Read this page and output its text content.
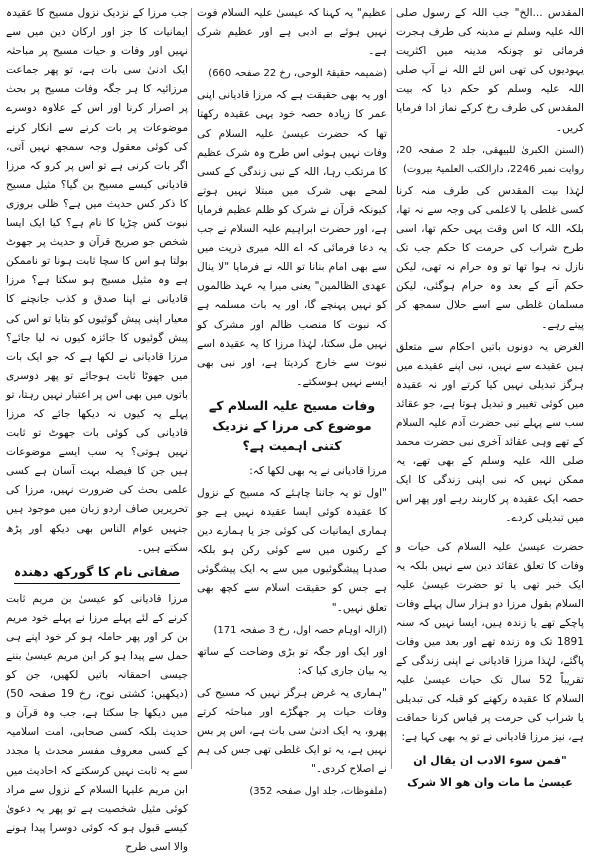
المقدس ...الخ" جب اللہ کے رسول صلی اللہ علیہ وسلم نے مدینہ کی طرف ہجرت فرمائی تو چونکہ مدینہ میں اکثریت یہودیوں کی تھی اس لئے اللہ نے آپ صلی اللہ علیہ وسلم کو حکم دیا کہ بیت المقدس کی طرف رخ کرکے نماز ادا فرمایا کریں۔

(السنن الکبریٰ للبیھقی، جلد 2 صفحہ 20، روایت نمبر 2246، دارالکتب العلمیۃ بیروت)

لہٰذا بیت المقدس کی طرف منہ کرنا کسی غلطی یا لاعلمی کی وجہ سے نہ تھا، بلکہ اللہ کا اس وقت یہی حکم تھا، اسی طرح شراب کی حرمت کا حکم جب تک نازل نہ ہوا تھا تو وہ حرام نہ تھی، لیکن حکم آنے کے بعد وہ حرام ہوگئی، لیکن مسلمان غلطی سے اسے حلال سمجھ کر پیتے رہے۔

الغرض یہ دونوں باتیں احکام سے متعلق ہیں عقیدے سے نہیں، نبی اپنے عقیدے میں ہرگز تبدیلی نہیں کیا کرتے اور نہ عقیدہ میں کوئی تغییر و تبدیل ہوتا ہے، جو عقائد سب سے پہلے نبی حضرت آدم علیہ السلام کے تھے وہی عقائد آخری نبی حضرت محمد صلی اللہ علیہ وسلم کے بھی تھے، یہ ممکن نہیں کہ نبی اپنی زندگی کا ایک حصہ ایک عقیدہ پر کاربند رہے اور پھر اس میں تبدیلی کردے۔

حضرت عیسیٰ علیہ السلام کی حیات و وفات کا تعلق عقائد دین سے نہیں بلکہ یہ ایک خبر تھی یا تو حضرت عیسیٰ علیہ السلام بقول مرزا دو ہزار سال پہلے وفات پاچکے تھے یا زندہ ہیں، ایسا نہیں کہ سنہ 1891 تک وہ زندہ تھے اور بعد میں وفات پاگئے، لہٰذا مرزا قادیانی نے اپنی زندگی کے تقریباً 52 سال تک حیات عیسیٰ علیہ السلام کا عقیدہ رکھنے کو قبلہ کی تبدیلی یا شراب کی حرمت پر قیاس کرنا حماقت ہے، نیز مرزا قادیانی نے تو یہ بھی کہا ہے:

"فمن سوء الادب ان یقال ان

عیسیٰ ما مات وان ھو الا شرک

عظیم" یہ کہنا کہ عیسیٰ علیہ السلام فوت نہیں ہوئے بے ادبی ہے اور عظیم شرک ہے۔

(ضمیمہ حقیقۃ الوحی، رخ 22 صفحہ 660)

اور یہ بھی حقیقت ہے کہ مرزا قادیانی اپنی عمر کا زیادہ حصہ خود یہی عقیدہ رکھتا تھا کہ حضرت عیسیٰ علیہ السلام کی وفات نہیں ہوئی اس طرح وہ شرک عظیم کا مرتکب رہا، اللہ کے نبی زندگی کے کسی لمحے بھی شرک میں مبتلا نہیں ہوتے کیونکہ قرآن نے شرک کو ظلم عظیم فرمایا ہے، اور حضرت ابراہیم علیہ السلام نے جب یہ دعا فرمائی کہ اے اللہ میری ذریت میں سے بھی امام بنانا تو اللہ نے فرمایا "لا ینال عھدی الظالمین" یعنی میرا یہ عہد ظالموں کو نہیں پہنچے گا، اور یہ بات مسلمہ ہے کہ نبوت کا منصب ظالم اور مشرک کو نہیں مل سکتا، لہٰذا مرزا کا یہ عقیدہ اسے نبوت سے خارج کردیتا ہے، اور نبی بھی ایسے نہیں ہوسکتے۔

وفات مسیح علیہ السلام کے موضوع کی مرزا کے نزدیک کتنی اہمیت ہے؟

مرزا قادیانی نے یہ بھی لکھا کہ:

"اول تو یہ جاننا چاہئے کہ مسیح کے نزول کا عقیدہ کوئی ایسا عقیدہ نہیں ہے جو ہماری ایمانیات کی کوئی جز یا ہمارے دین کے رکنوں میں سے کوئی رکن ہو بلکہ صدہا پیشگوئیوں میں سے یہ ایک پیشگوئی ہے جس کو حقیقت اسلام سے کچھ بھی تعلق نہیں۔"

(ازالہ اوہام حصہ اول، رخ 3 صفحہ 171)

اور ایک اور جگہ تو بڑی وضاحت کے ساتھ یہ بیان جاری کیا کہ:

"ہماری یہ غرض ہرگز نہیں کہ مسیح کی وفات حیات پر جھگڑے اور مباحثہ کرتے پھرو، یہ ایک ادنیٰ سی بات ہے، اس پر بس نہیں ہے، یہ تو ایک غلطی تھی جس کی ہم نے اصلاح کردی۔"

(ملفوظات، جلد اول صفحہ 352)

جب مرزا کے نزدیک نزول مسیح کا عقیدہ ایمانیات کا جز اور ارکان دین میں سے نہیں اور وفات و حیات مسیح پر مباحثہ ایک ادنیٰ سی بات ہے، تو پھر جماعت مرزائیہ کا ہر جگہ وفات مسیح پر بحث پر اصرار کرنا اور اس کے علاوہ دوسرے موضوعات پر بات کرنے سے انکار کرنے کی کوئی معقول وجہ سمجھ نہیں آتی، اگر بات کرنی ہے تو اس پر کرو کہ مرزا قادیانی کیسے مسیح بن گیا؟ مثیل مسیح کا ذکر کس حدیث میں ہے؟ ظلی بروزی نبوت کس چڑیا کا نام ہے؟ کیا ایک ایسا شخص جو صریح قرآن و حدیث پر جھوٹ بولتا ہو اس کا سچا ثابت ہونا تو ناممکن ہے وہ مثیل مسیح ہو سکتا ہے؟ مرزا قادیانی نے اپنا صدق و کذب جانچنے کا معیار اپنی پیش گوئیوں کو بتایا تو اس کی پیش گوئیوں کا جائزہ کیوں نہ لیا جائے؟ مرزا قادیانی نے لکھا ہے کہ جو ایک بات میں جھوٹا ثابت ہوجائے تو پھر دوسری باتوں میں بھی اس پر اعتبار نہیں رہتا، تو پہلے یہ کیوں نہ دیکھا جائے کہ مرزا قادیانی کی کوئی بات جھوٹ تو ثابت نہیں ہوتی؟ یہ سب ایسے موضوعات ہیں جن کا فیصلہ بہت آسان ہے کسی علمی بحث کی ضرورت نہیں، مرزا کی تحریریں صاف اردو زبان میں موجود ہیں جنہیں عوام الناس بھی دیکھ اور پڑھ سکتے ہیں۔

صفاتی نام کا گورکھ دھندہ

مرزا قادیانی کو عیسیٰ بن مریم ثابت کرنے کے لئے پہلے مرزا نے پہلے خود مریم بن کر اور پھر حاملہ ہو کر خود اپنے ہی حمل سے پیدا ہو کر ابن مریم عیسیٰ بننے جیسی احمقانہ باتیں لکھیں، جن کو (دیکھیں: کشتی نوح، رخ 19 صفحہ 50) میں دیکھا جا سکتا ہے، جب وہ قرآن و حدیث بلکہ کسی صحابی، امت اسلامیہ کے کسی معروف مفسر محدث یا مجدد سے یہ ثابت نہیں کرسکتے کہ احادیث میں ابن مریم علیہا السلام کے نزول سے مراد کوئی مثیل شخصیت ہے تو پھر یہ دعویٰ کیسے قبول ہو کہ کوئی دوسرا پیدا ہونے والا اسی طرح
